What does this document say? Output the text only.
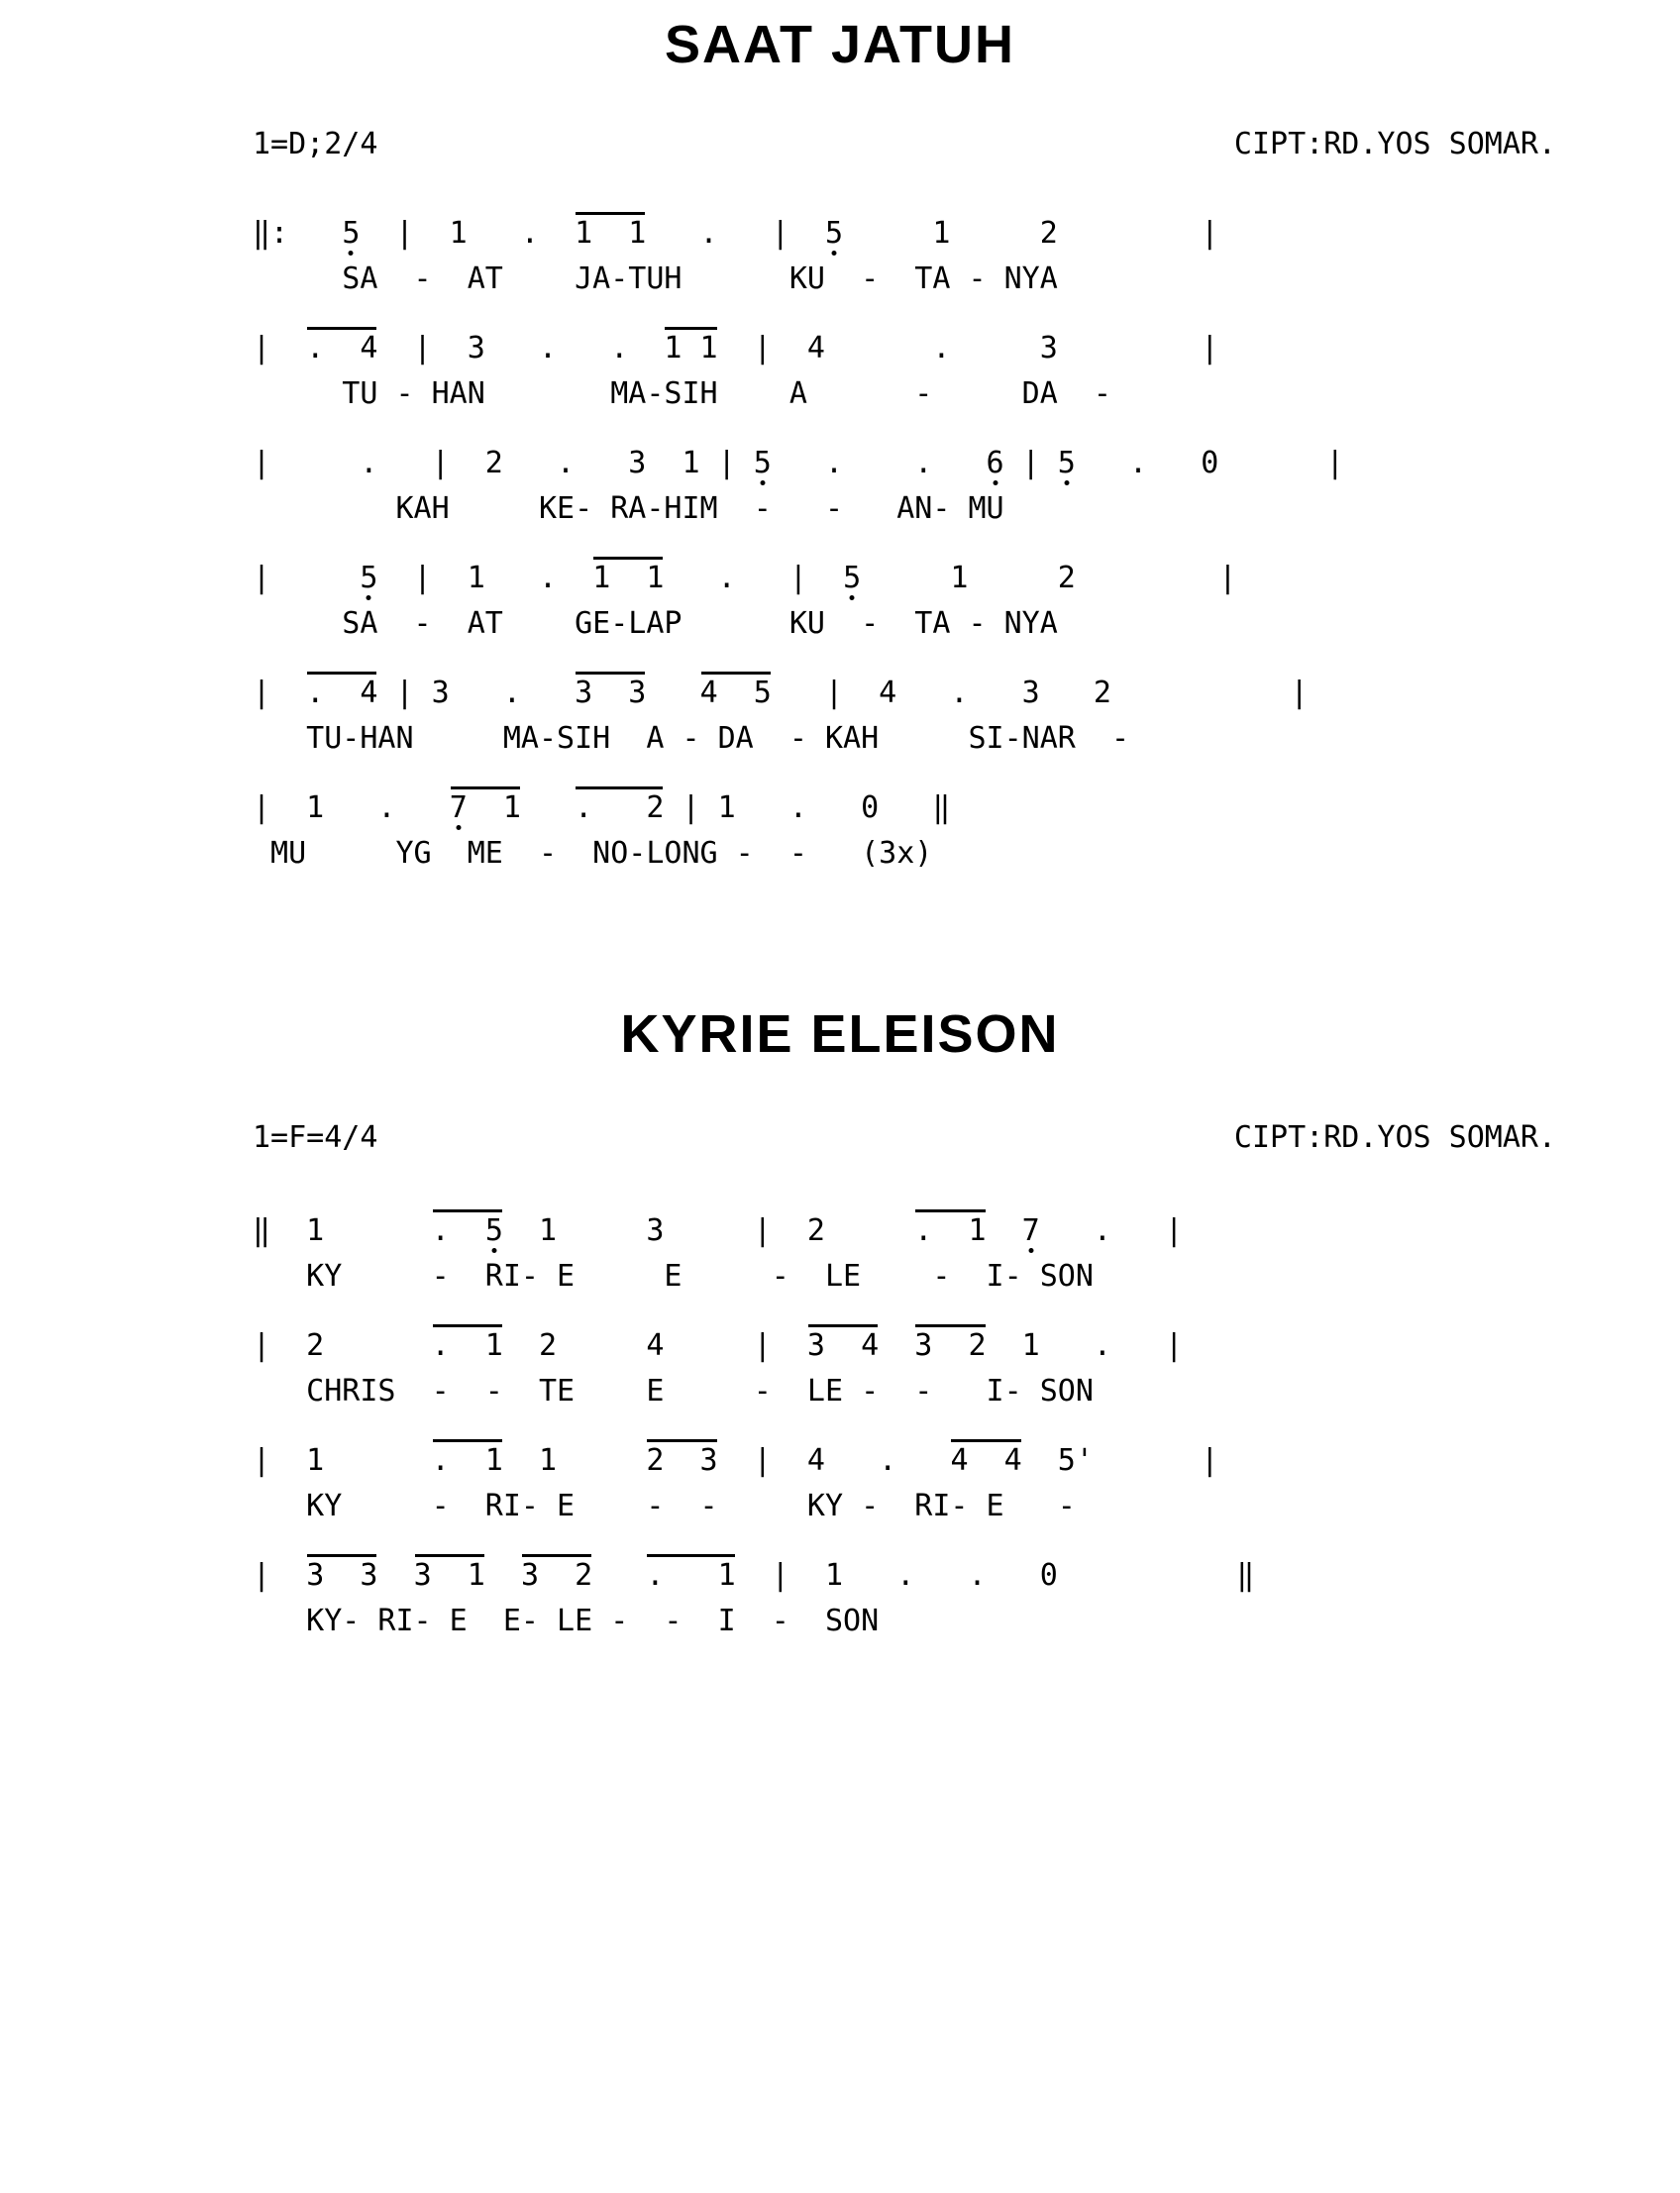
SAAT JATUH
1=D;2/4	CIPT:RD.YOS SOMAR.
‖:   5  |  1   .  1  1   .   |  5     1     2        |
SA  -  AT    JA-TUH      KU  -  TA - NYA
|  .  4  |  3   .   .  1 1  |  4      .     3        |
TU - HAN       MA-SIH    A      -     DA  -
|     .   |  2   .   3  1 | 5   .    .   6 | 5   .   0      |
KAH     KE- RA-HIM  -   -   AN- MU
|     5  |  1   .  1  1   .   |  5     1     2        |
SA  -  AT    GE-LAP      KU  -  TA - NYA
|  .  4 | 3   .   3  3 4  5   |  4   .   3   2          |
TU-HAN     MA-SIH  A - DA  - KAH     SI-NAR  -
|  1   .   7  1 .   2 | 1   .   0   ‖
MU     YG  ME  -  NO-LONG -  -   (3x)
KYRIE ELEISON
1=F=4/4	CIPT:RD.YOS SOMAR.
‖  1      .  5  1     3     |  2     .  1 7   .   |
KY     -  RI- E     E     -  LE    -  I- SON
|  2      .  1  2     4     |  3  4 3  2  1   .   |
CHRIS  -  -  TE    E     -  LE -  -   I- SON
|  1      .  1  1     2  3  |  4   .   4  4  5'      |
KY     -  RI- E    -  -     KY -  RI- E   -
|  3  3 3  1 3  2 .   1  |  1   .   .   0          ‖
KY- RI- E  E- LE -  -  I  -  SON
